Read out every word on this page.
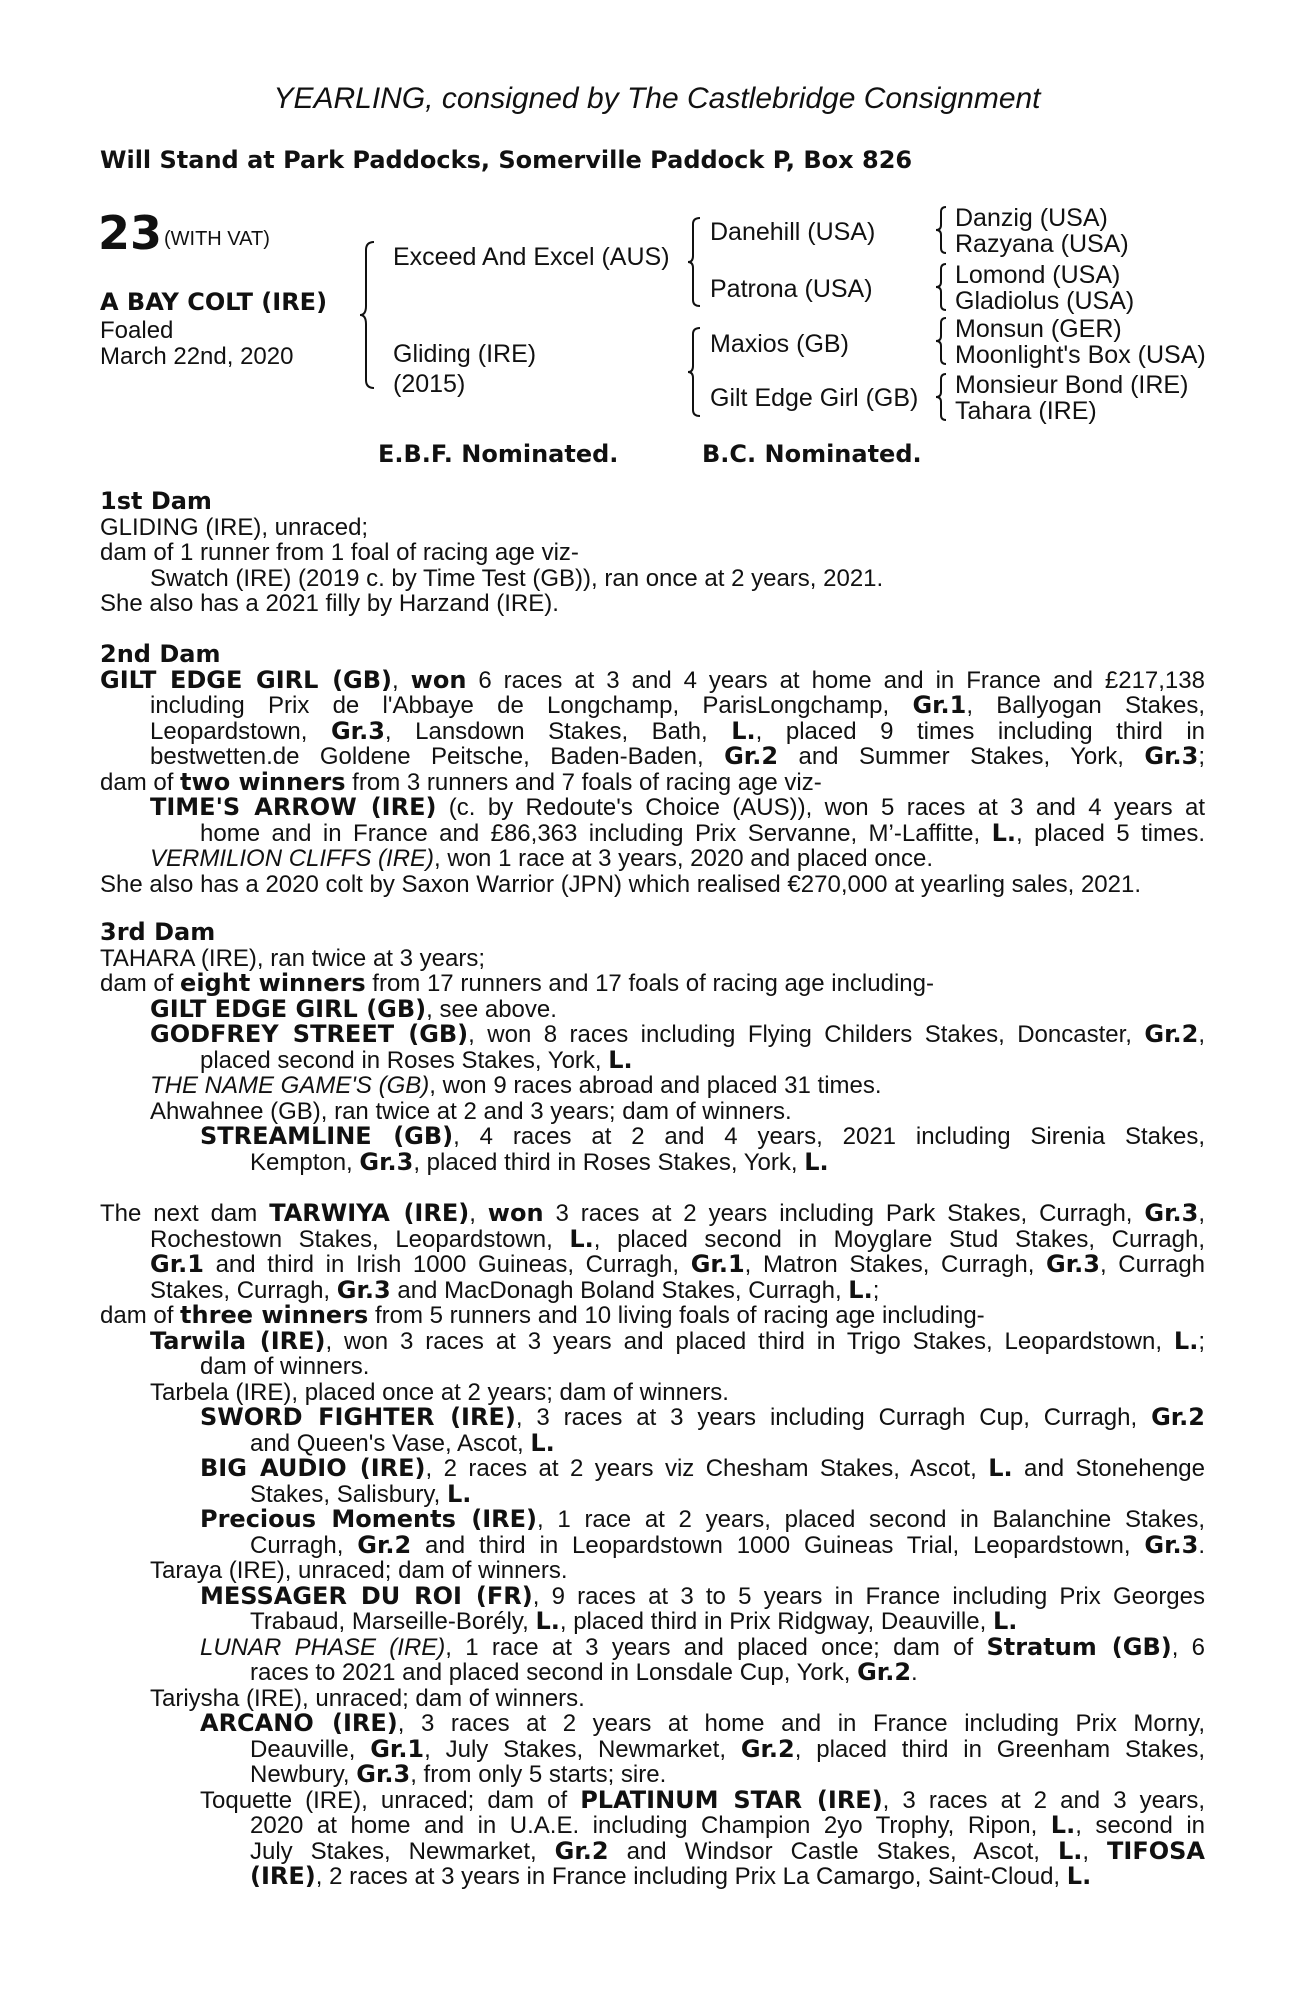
YEARLING, consigned by The Castlebridge Consignment
Will Stand at Park Paddocks, Somerville Paddock P, Box 826
23 (WITH VAT)
A BAY COLT (IRE)
Foaled
March 22nd, 2020
Exceed And Excel (AUS)
Gliding (IRE)
(2015)
Danehill (USA)
Patrona (USA)
Maxios (GB)
Gilt Edge Girl (GB)
Danzig (USA)
Razyana (USA)
Lomond (USA)
Gladiolus (USA)
Monsun (GER)
Moonlight's Box (USA)
Monsieur Bond (IRE)
Tahara (IRE)
E.B.F. Nominated.	B.C. Nominated.
1st Dam
GLIDING (IRE), unraced;
dam of 1 runner from 1 foal of racing age viz-
Swatch (IRE) (2019 c. by Time Test (GB)), ran once at 2 years, 2021.
She also has a 2021 filly by Harzand (IRE).
2nd Dam
GILT EDGE GIRL (GB), won 6 races at 3 and 4 years at home and in France and £217,138
including Prix de l'Abbaye de Longchamp, ParisLongchamp, Gr.1, Ballyogan Stakes,
Leopardstown, Gr.3, Lansdown Stakes, Bath, L., placed 9 times including third in
bestwetten.de Goldene Peitsche, Baden-Baden, Gr.2 and Summer Stakes, York, Gr.3;
dam of two winners from 3 runners and 7 foals of racing age viz-
TIME'S ARROW (IRE) (c. by Redoute's Choice (AUS)), won 5 races at 3 and 4 years at
home and in France and £86,363 including Prix Servanne, M’-Laffitte, L., placed 5 times.
VERMILION CLIFFS (IRE), won 1 race at 3 years, 2020 and placed once.
She also has a 2020 colt by Saxon Warrior (JPN) which realised €270,000 at yearling sales, 2021.
3rd Dam
TAHARA (IRE), ran twice at 3 years;
dam of eight winners from 17 runners and 17 foals of racing age including-
GILT EDGE GIRL (GB), see above.
GODFREY STREET (GB), won 8 races including Flying Childers Stakes, Doncaster, Gr.2,
placed second in Roses Stakes, York, L.
THE NAME GAME'S (GB), won 9 races abroad and placed 31 times.
Ahwahnee (GB), ran twice at 2 and 3 years; dam of winners.
STREAMLINE (GB), 4 races at 2 and 4 years, 2021 including Sirenia Stakes,
Kempton, Gr.3, placed third in Roses Stakes, York, L.
The next dam TARWIYA (IRE), won 3 races at 2 years including Park Stakes, Curragh, Gr.3,
Rochestown Stakes, Leopardstown, L., placed second in Moyglare Stud Stakes, Curragh,
Gr.1 and third in Irish 1000 Guineas, Curragh, Gr.1, Matron Stakes, Curragh, Gr.3, Curragh
Stakes, Curragh, Gr.3 and MacDonagh Boland Stakes, Curragh, L.;
dam of three winners from 5 runners and 10 living foals of racing age including-
Tarwila (IRE), won 3 races at 3 years and placed third in Trigo Stakes, Leopardstown, L.;
dam of winners.
Tarbela (IRE), placed once at 2 years; dam of winners.
SWORD FIGHTER (IRE), 3 races at 3 years including Curragh Cup, Curragh, Gr.2
and Queen's Vase, Ascot, L.
BIG AUDIO (IRE), 2 races at 2 years viz Chesham Stakes, Ascot, L. and Stonehenge
Stakes, Salisbury, L.
Precious Moments (IRE), 1 race at 2 years, placed second in Balanchine Stakes,
Curragh, Gr.2 and third in Leopardstown 1000 Guineas Trial, Leopardstown, Gr.3.
Taraya (IRE), unraced; dam of winners.
MESSAGER DU ROI (FR), 9 races at 3 to 5 years in France including Prix Georges
Trabaud, Marseille-Borély, L., placed third in Prix Ridgway, Deauville, L.
LUNAR PHASE (IRE), 1 race at 3 years and placed once; dam of Stratum (GB), 6
races to 2021 and placed second in Lonsdale Cup, York, Gr.2.
Tariysha (IRE), unraced; dam of winners.
ARCANO (IRE), 3 races at 2 years at home and in France including Prix Morny,
Deauville, Gr.1, July Stakes, Newmarket, Gr.2, placed third in Greenham Stakes,
Newbury, Gr.3, from only 5 starts; sire.
Toquette (IRE), unraced; dam of PLATINUM STAR (IRE), 3 races at 2 and 3 years,
2020 at home and in U.A.E. including Champion 2yo Trophy, Ripon, L., second in
July Stakes, Newmarket, Gr.2 and Windsor Castle Stakes, Ascot, L., TIFOSA
(IRE), 2 races at 3 years in France including Prix La Camargo, Saint-Cloud, L.
